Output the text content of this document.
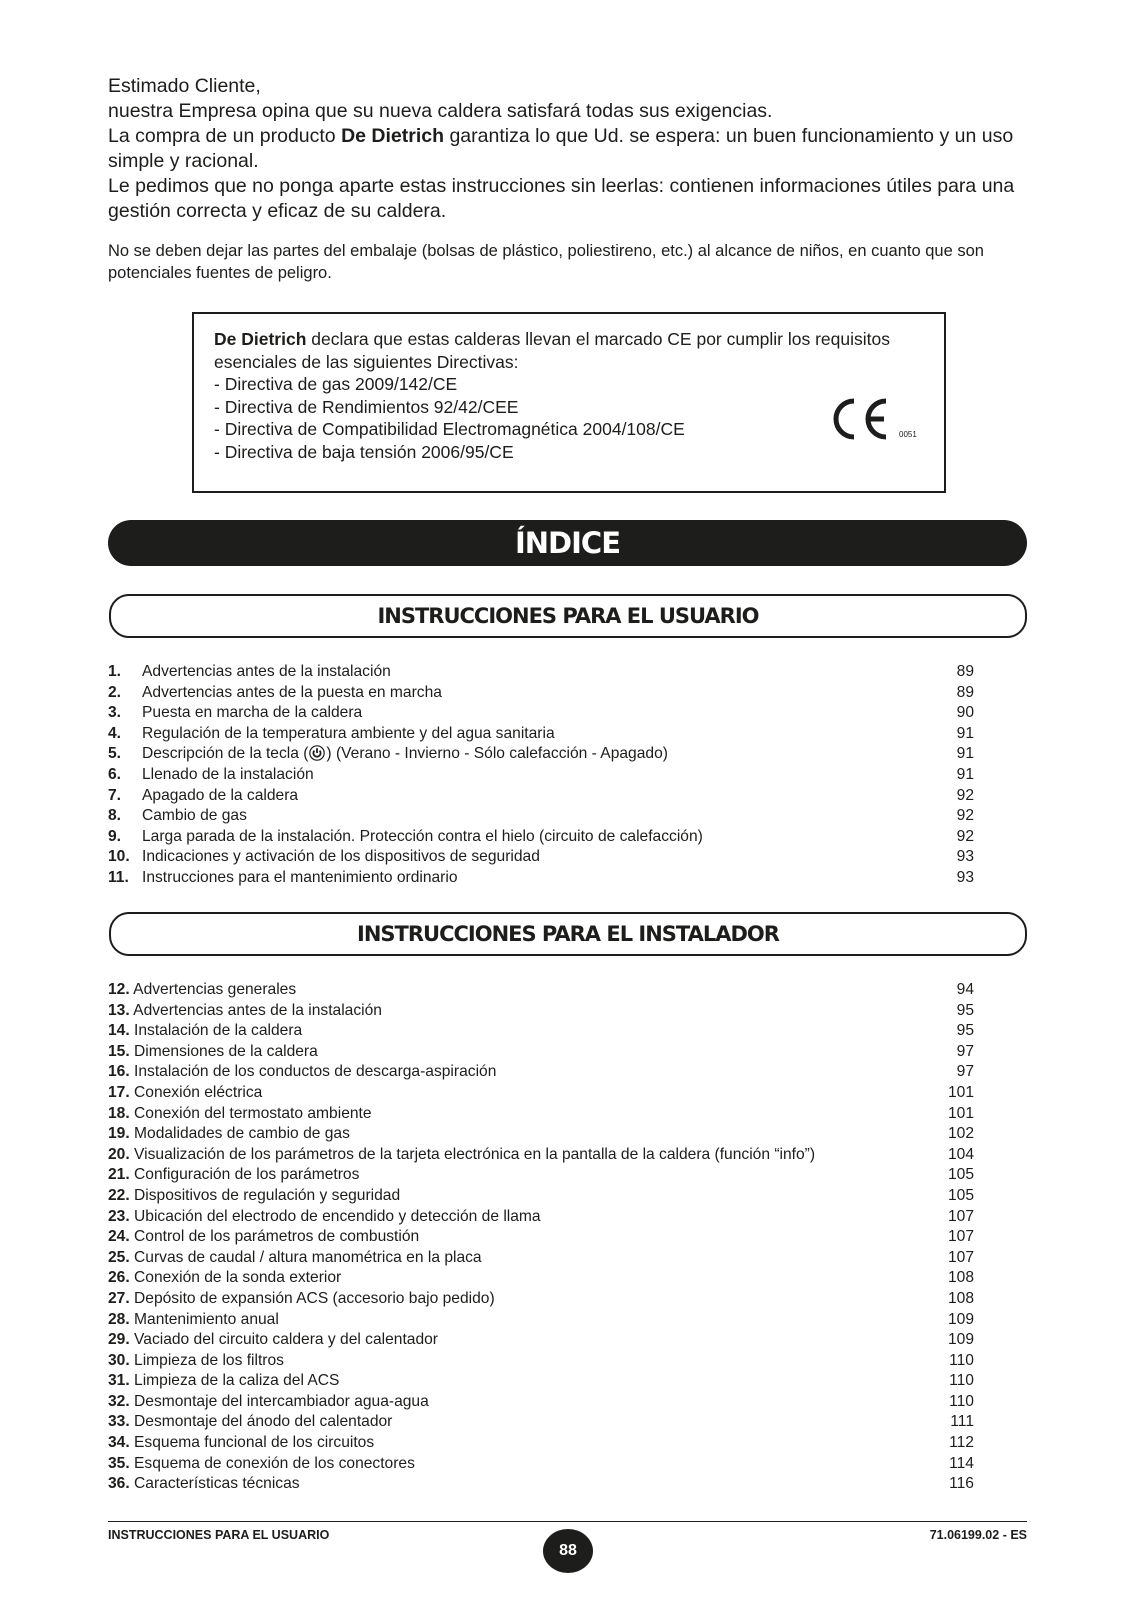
Estimado Cliente,

nuestra Empresa opina que su nueva caldera satisfará todas sus exigencias.

La compra de un producto De Dietrich garantiza lo que Ud. se espera: un buen funcionamiento y un uso simple y racional.

Le pedimos que no ponga aparte estas instrucciones sin leerlas: contienen informaciones útiles para una gestión correcta y eficaz de su caldera.

No se deben dejar las partes del embalaje (bolsas de plástico, poliestireno, etc.) al alcance de niños, en cuanto que son potenciales fuentes de peligro.

De Dietrich declara que estas calderas llevan el marcado CE por cumplir los requisitos esenciales de las siguientes Directivas:

- Directiva de gas 2009/142/CE

- Directiva de Rendimientos 92/42/CEE

- Directiva de Compatibilidad Electromagnética 2004/108/CE

- Directiva de baja tensión 2006/95/CE

0051
ÍNDICE
INSTRUCCIONES PARA EL USUARIO
1. Advertencias antes de la instalación	89
2. Advertencias antes de la puesta en marcha	89
3. Puesta en marcha de la caldera	90
4. Regulación de la temperatura ambiente y del agua sanitaria	91
5. Descripción de la tecla ( ) (Verano - Invierno - Sólo calefacción - Apagado)	91
6. Llenado de la instalación	91
7. Apagado de la caldera	92
8. Cambio de gas	92
9. Larga parada de la instalación. Protección contra el hielo (circuito de calefacción)	92
10. Indicaciones y activación de los dispositivos de seguridad	93
11. Instrucciones para el mantenimiento ordinario	93
INSTRUCCIONES PARA EL INSTALADOR
12. Advertencias generales	94
13. Advertencias antes de la instalación	95
14. Instalación de la caldera	95
15. Dimensiones de la caldera	97
16. Instalación de los conductos de descarga-aspiración	97
17. Conexión eléctrica	101
18. Conexión del termostato ambiente	101
19. Modalidades de cambio de gas	102
20. Visualización de los parámetros de la tarjeta electrónica en la pantalla de la caldera (función “info”)	104
21. Configuración de los parámetros	105
22. Dispositivos de regulación y seguridad	105
23. Ubicación del electrodo de encendido y detección de llama	107
24. Control de los parámetros de combustión	107
25. Curvas de caudal / altura manométrica en la placa	107
26. Conexión de la sonda exterior	108
27. Depósito de expansión ACS (accesorio bajo pedido)	108
28. Mantenimiento anual	109
29. Vaciado del circuito caldera y del calentador	109
30. Limpieza de los filtros	110
31. Limpieza de la caliza del ACS	110
32. Desmontaje del intercambiador agua-agua	110
33. Desmontaje del ánodo del calentador	111
34. Esquema funcional de los circuitos	112
35. Esquema de conexión de los conectores	114
36. Características técnicas	116
INSTRUCCIONES PARA EL USUARIO
88
71.06199.02 - ES
